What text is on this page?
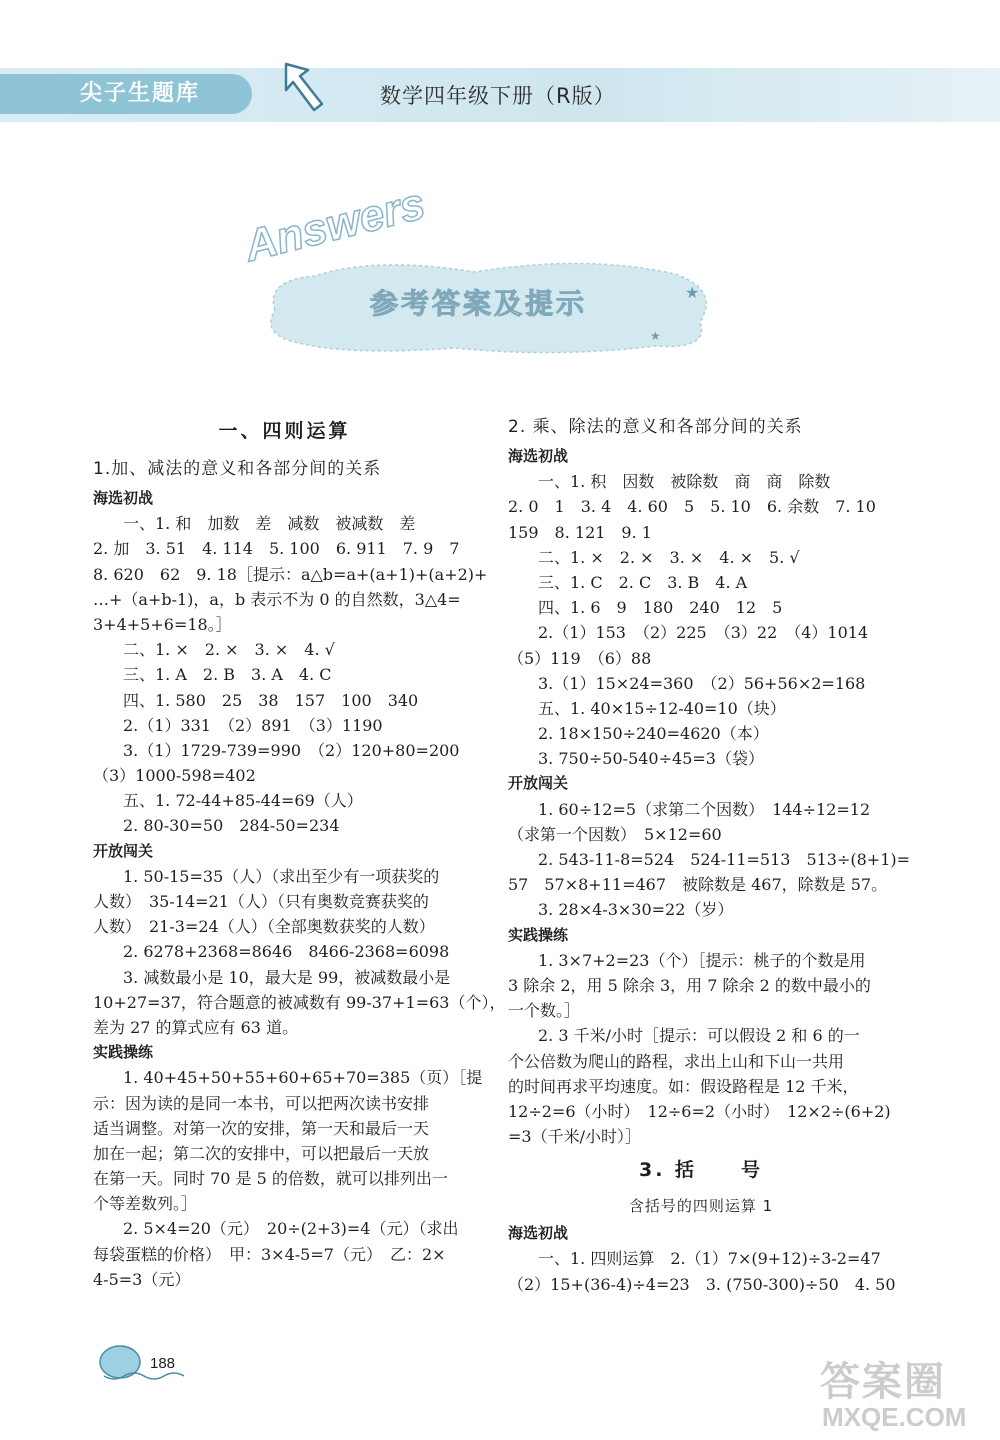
尖子生题库	数学四年级下册（R版）
★
★
Answers
参考答案及提示
一、四则运算
1.加、减法的意义和各部分间的关系
海选初战
一、1. 和　加数　差　减数　被减数　差
2. 加　3. 51　4. 114　5. 100　6. 911　7. 9　7
8. 620　62　9. 18［提示：a△b=a+(a+1)+(a+2)+
…+（a+b-1)，a，b 表示不为 0 的自然数，3△4=
3+4+5+6=18。］
二、1. ×　2. ×　3. ×　4. √
三、1. A　2. B　3. A　4. C
四、1. 580　25　38　157　100　340
2.（1）331　（2）891　（3）1190
3.（1）1729-739=990　（2）120+80=200
（3）1000-598=402
五、1. 72-44+85-44=69（人）
2. 80-30=50　284-50=234
开放闯关
1. 50-15=35（人）（求出至少有一项获奖的
人数）　35-14=21（人）（只有奥数竞赛获奖的
人数）　21-3=24（人）（全部奥数获奖的人数）
2. 6278+2368=8646　8466-2368=6098
3. 减数最小是 10，最大是 99，被减数最小是
10+27=37，符合题意的被减数有 99-37+1=63（个），
差为 27 的算式应有 63 道。
实践操练
1. 40+45+50+55+60+65+70=385（页）［提
示：因为读的是同一本书，可以把两次读书安排
适当调整。对第一次的安排，第一天和最后一天
加在一起；第二次的安排中，可以把最后一天放
在第一天。同时 70 是 5 的倍数，就可以排列出一
个等差数列。］
2. 5×4=20（元）　20÷(2+3)=4（元）（求出
每袋蛋糕的价格）　甲：3×4-5=7（元）　乙：2×
4-5=3（元）
2. 乘、除法的意义和各部分间的关系
海选初战
一、1. 积　因数　被除数　商　商　除数
2. 0　1　3. 4　4. 60　5　5. 10　6. 余数　7. 10
159　8. 121　9. 1
二、1. ×　2. ×　3. ×　4. ×　5. √
三、1. C　2. C　3. B　4. A
四、1. 6　9　180　240　12　5
2.（1）153　（2）225　（3）22　（4）1014
（5）119　（6）88
3.（1）15×24=360　（2）56+56×2=168
五、1. 40×15÷12-40=10（块）
2. 18×150÷240=4620（本）
3. 750÷50-540÷45=3（袋）
开放闯关
1. 60÷12=5（求第二个因数）　144÷12=12
（求第一个因数）　5×12=60
2. 543-11-8=524　524-11=513　513÷(8+1)=
57　57×8+11=467　被除数是 467，除数是 57。
3. 28×4-3×30=22（岁）
实践操练
1. 3×7+2=23（个）［提示：桃子的个数是用
3 除余 2，用 5 除余 3，用 7 除余 2 的数中最小的
一个数。］
2. 3 千米/小时［提示：可以假设 2 和 6 的一
个公倍数为爬山的路程，求出上山和下山一共用
的时间再求平均速度。如：假设路程是 12 千米，
12÷2=6（小时）　12÷6=2（小时）　12×2÷(6+2)
=3（千米/小时）］
3. 括　　号
含括号的四则运算 1
海选初战
一、1. 四则运算　2.（1）7×(9+12)÷3-2=47
（2）15+(36-4)÷4=23　3. (750-300)÷50　4. 50
188	答案圈
MXQE.COM
